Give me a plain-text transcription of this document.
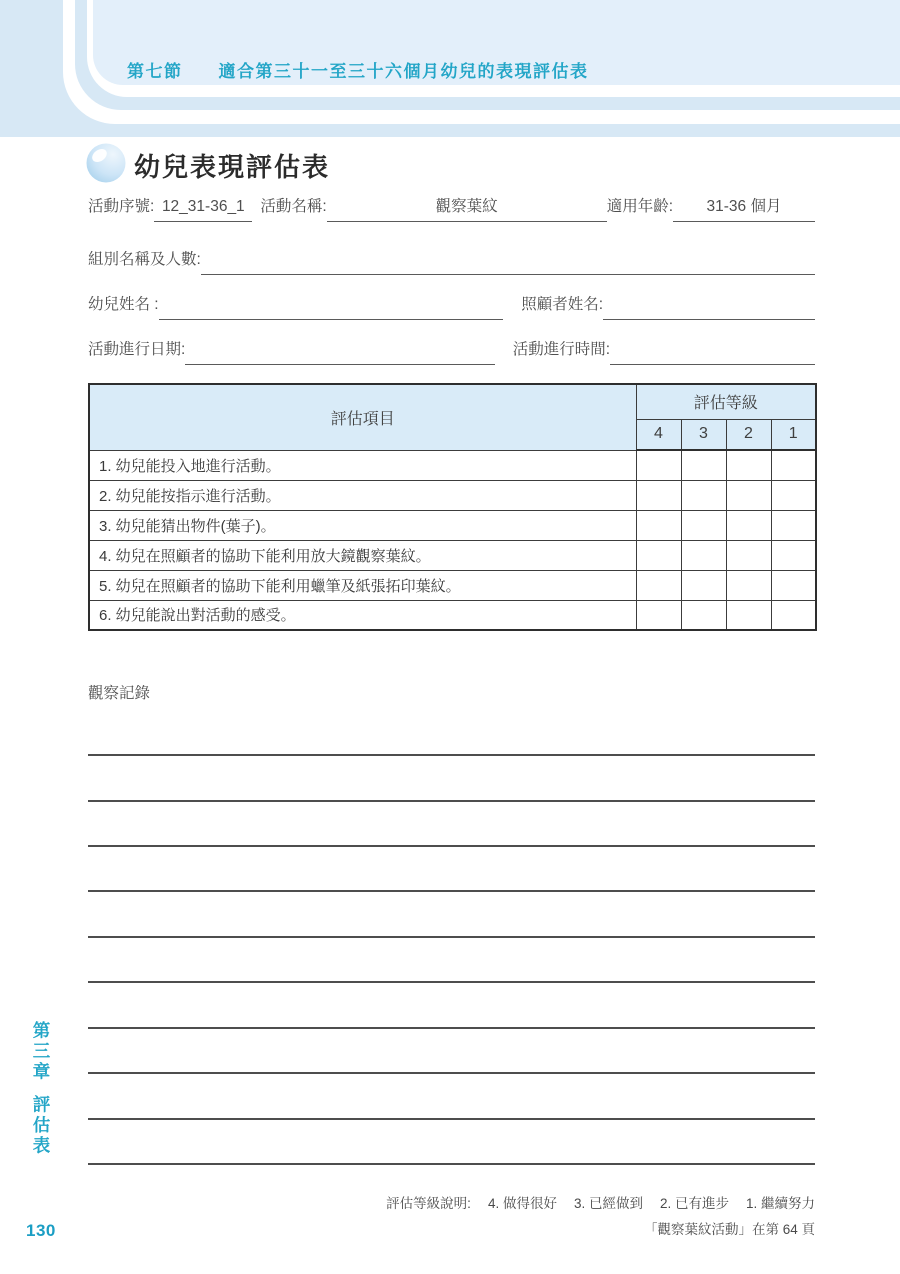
第七節 適合第三十一至三十六個月幼兒的表現評估表
幼兒表現評估表
活動序號: 12_31-36_1	活動名稱:	觀察葉紋	適用年齡:	31-36 個月
組別名稱及人數:
幼兒姓名 :	照顧者姓名:
活動進行日期:	活動進行時間:
評估項目	評估等級			
	4	3	2	1
1. 幼兒能投入地進行活動。				
2. 幼兒能按指示進行活動。				
3. 幼兒能猜出物件(葉子)。				
4. 幼兒在照顧者的協助下能利用放大鏡觀察葉紋。				
5. 幼兒在照顧者的協助下能利用蠟筆及紙張拓印葉紋。				
6. 幼兒能說出對活動的感受。				
觀察記錄
第三章
評估表
評估等級說明: 4. 做得很好 3. 已經做到 2. 已有進步 1. 繼續努力
「觀察葉紋活動」在第 64 頁
130
